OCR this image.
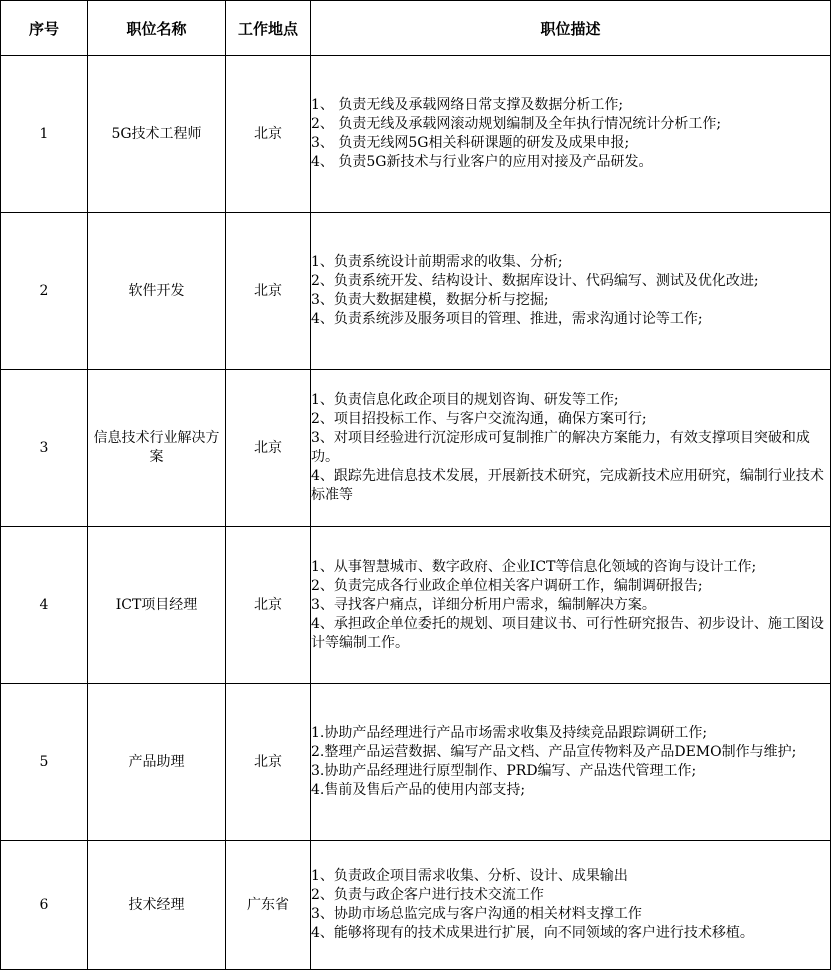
序号	职位名称	工作地点	职位描述
1	5G技术工程师	北京	1、 负责无线及承载网络日常支撑及数据分析工作;
2、 负责无线及承载网滚动规划编制及全年执行情况统计分析工作;
3、 负责无线网5G相关科研课题的研发及成果申报;
4、 负责5G新技术与行业客户的应用对接及产品研发。

2	软件开发	北京	1、负责系统设计前期需求的收集、分析;
2、负责系统开发、结构设计、数据库设计、代码编写、测试及优化改进;
3、负责大数据建模，数据分析与挖掘;
4、负责系统涉及服务项目的管理、推进，需求沟通讨论等工作;

3	信息技术行业解决方案	北京	1、负责信息化政企项目的规划咨询、研发等工作;
2、项目招投标工作、与客户交流沟通，确保方案可行;
3、对项目经验进行沉淀形成可复制推广的解决方案能力，有效支撑项目突破和成功。
4、跟踪先进信息技术发展，开展新技术研究，完成新技术应用研究，编制行业技术标准等

4	ICT项目经理	北京	1、从事智慧城市、数字政府、企业ICT等信息化领域的咨询与设计工作;
2、负责完成各行业政企单位相关客户调研工作，编制调研报告;
3、寻找客户痛点，详细分析用户需求，编制解决方案。
4、承担政企单位委托的规划、项目建议书、可行性研究报告、初步设计、施工图设计等编制工作。

5	产品助理	北京	1.协助产品经理进行产品市场需求收集及持续竞品跟踪调研工作;
2.整理产品运营数据、编写产品文档、产品宣传物料及产品DEMO制作与维护;
3.协助产品经理进行原型制作、PRD编写、产品迭代管理工作;
4.售前及售后产品的使用内部支持;

6	技术经理	广东省	1、负责政企项目需求收集、分析、设计、成果输出
2、负责与政企客户进行技术交流工作
3、协助市场总监完成与客户沟通的相关材料支撑工作
4、能够将现有的技术成果进行扩展，向不同领域的客户进行技术移植。
